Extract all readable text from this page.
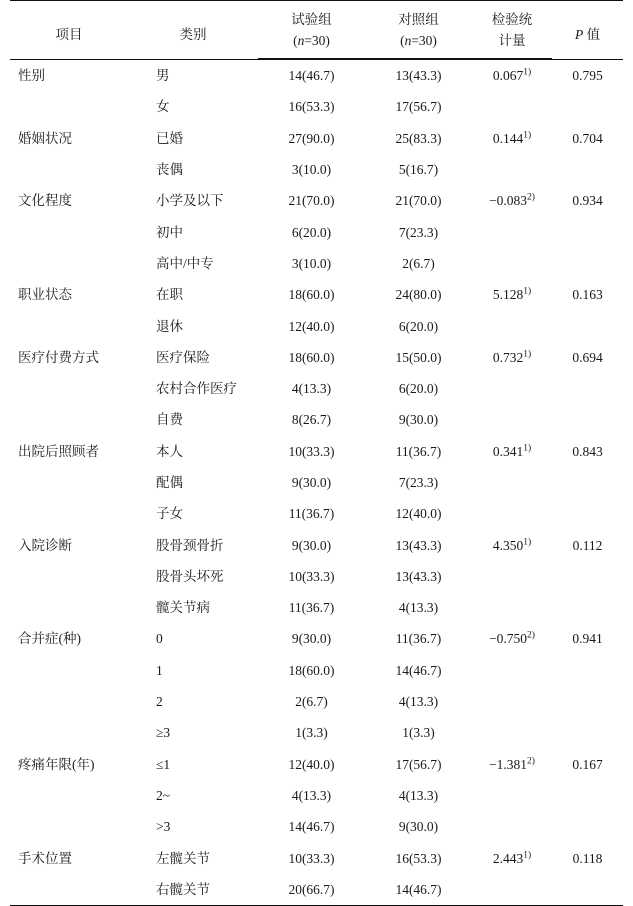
项目	类别	试验组	对照组	检验统	P 值
		(n=30)	(n=30)	计量	

性别	男	14(46.7)	13(43.3)	0.067$^{1)}$	0.795
	女	16(53.3)	17(56.7)		
婚姻状况	已婚	27(90.0)	25(83.3)	0.144$^{1)}$	0.704
	丧偶	3(10.0)	5(16.7)		
文化程度	小学及以下	21(70.0)	21(70.0)	$-0.083^{2)}$	0.934
	初中	6(20.0)	7(23.3)		
	高中/中专	3(10.0)	2(6.7)		
职业状态	在职	18(60.0)	24(80.0)	5.128$^{1)}$	0.163
	退休	12(40.0)	6(20.0)		
医疗付费方式	医疗保险	18(60.0)	15(50.0)	0.732$^{1)}$	0.694
	农村合作医疗	4(13.3)	6(20.0)		
	自费	8(26.7)	9(30.0)		
出院后照顾者	本人	10(33.3)	11(36.7)	0.341$^{1)}$	0.843
	配偶	9(30.0)	7(23.3)		
	子女	11(36.7)	12(40.0)		
入院诊断	股骨颈骨折	9(30.0)	13(43.3)	4.350$^{1)}$	0.112
	股骨头坏死	10(33.3)	13(43.3)		
	髋关节病	11(36.7)	4(13.3)		
合并症(种)	0	9(30.0)	11(36.7)	$-0.750^{2)}$	0.941
	1	18(60.0)	14(46.7)		
	2	2(6.7)	4(13.3)		
	≥3	1(3.3)	1(3.3)		
疼痛年限(年)	≤1	12(40.0)	17(56.7)	$-1.381^{2)}$	0.167
	2~	4(13.3)	4(13.3)		
	>3	14(46.7)	9(30.0)		
手术位置	左髋关节	10(33.3)	16(53.3)	2.443$^{1)}$	0.118
	右髋关节	20(66.7)	14(46.7)		
